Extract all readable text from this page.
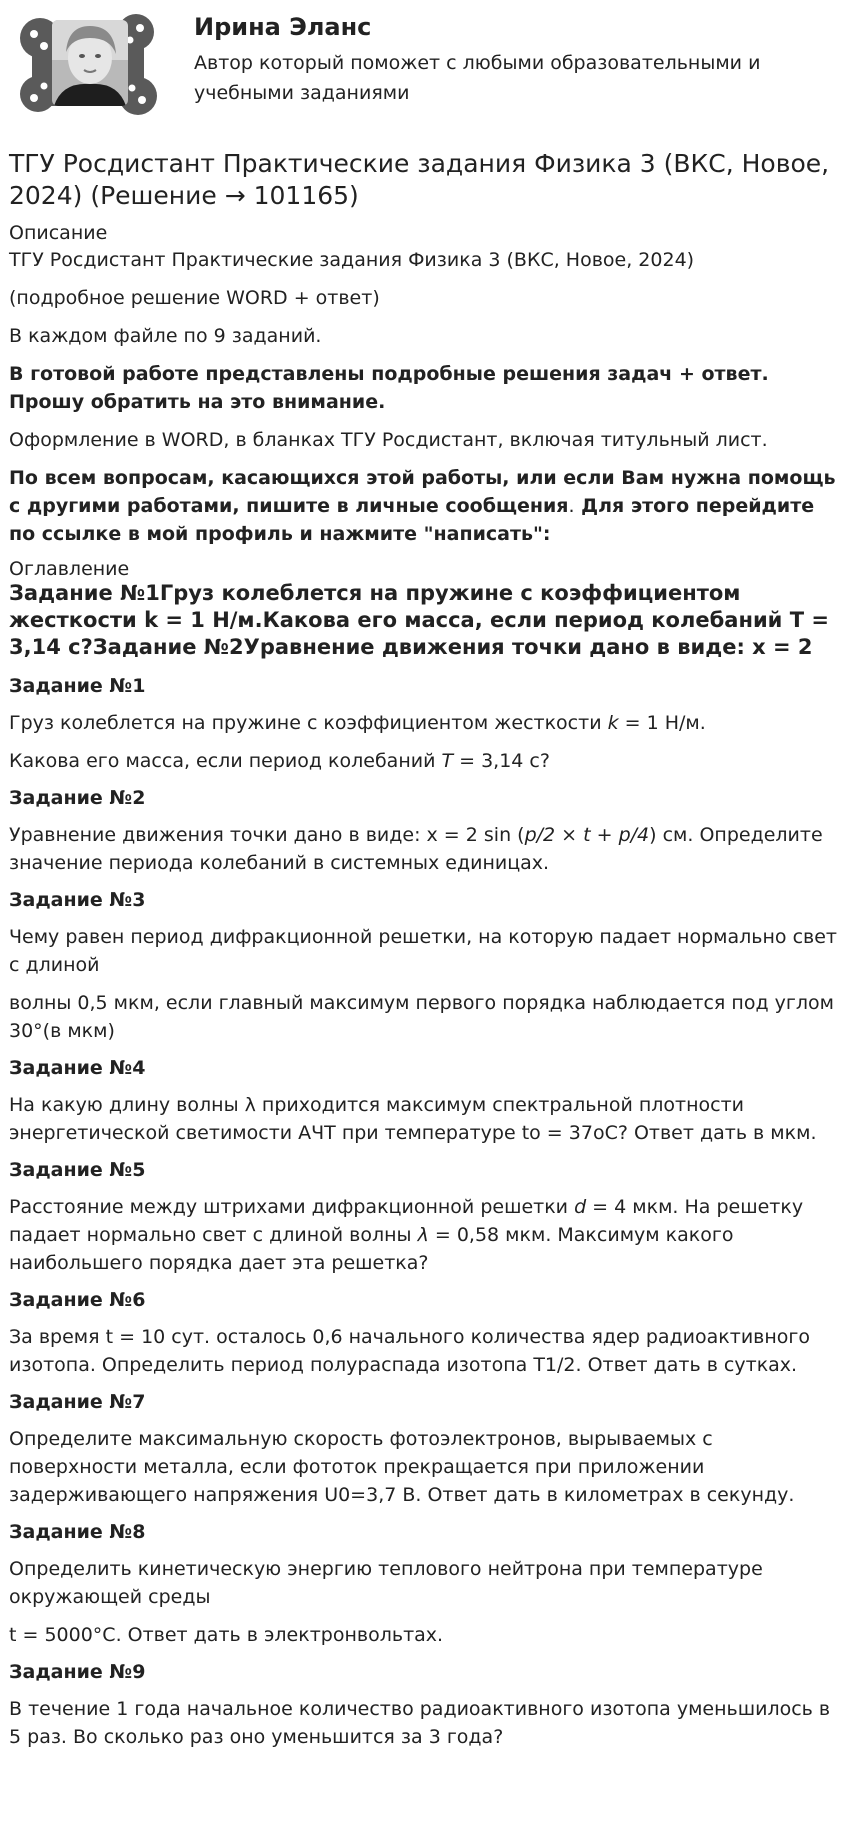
Ирина Эланс
Автор который поможет с любыми образовательными и учебными заданиями
ТГУ Росдистант Практические задания Физика 3 (ВКС, Новое, 2024) (Решение → 101165)
Описание

ТГУ Росдистант Практические задания Физика 3 (ВКС, Новое, 2024)

(подробное решение WORD + ответ)

В каждом файле по 9 заданий.

В готовой работе представлены подробные решения задач + ответ. Прошу обратить на это внимание.

Оформление в WORD, в бланках ТГУ Росдистант, включая титульный лист.

По всем вопросам, касающихся этой работы, или если Вам нужна помощь с другими работами, пишите в личные сообщения. Для этого перейдите по ссылке в мой профиль и нажмите "написать":

Оглавление
Задание №1Груз колеблется на пружине с коэффициентом жесткости k = 1 Н/м.Какова его масса, если период колебаний T = 3,14 с?Задание №2Уравнение движения точки дано в виде: x = 2
Задание №1

Груз колеблется на пружине с коэффициентом жесткости k = 1 Н/м.

Какова его масса, если период колебаний T = 3,14 с?

Задание №2

Уравнение движения точки дано в виде: x = 2 sin (p/2 × t + p/4) см. Определите значение периода колебаний в системных единицах.

Задание №3

Чему равен период дифракционной решетки, на которую падает нормально свет с длиной

волны 0,5 мкм, если главный максимум первого порядка наблюдается под углом 30°(в мкм)

Задание №4

На какую длину волны λ приходится максимум спектральной плотности энергетической светимости АЧТ при температуре to = 37оС? Ответ дать в мкм.

Задание №5

Расстояние между штрихами дифракционной решетки d = 4 мкм. На решетку падает нормально свет с длиной волны λ = 0,58 мкм. Максимум какого наибольшего порядка дает эта решетка?

Задание №6

За время t = 10 сут. осталось 0,6 начального количества ядер радиоактивного изотопа. Определить период полураспада изотопа T1/2. Ответ дать в сутках.

Задание №7

Определите максимальную скорость фотоэлектронов, вырываемых с поверхности металла, если фототок прекращается при приложении задерживающего напряжения U0=3,7 В. Ответ дать в километрах в секунду.

Задание №8

Определить кинетическую энергию теплового нейтрона при температуре окружающей среды

t = 5000°С. Ответ дать в электронвольтах.

Задание №9

В течение 1 года начальное количество радиоактивного изотопа уменьшилось в 5 раз. Во сколько раз оно уменьшится за 3 года?
